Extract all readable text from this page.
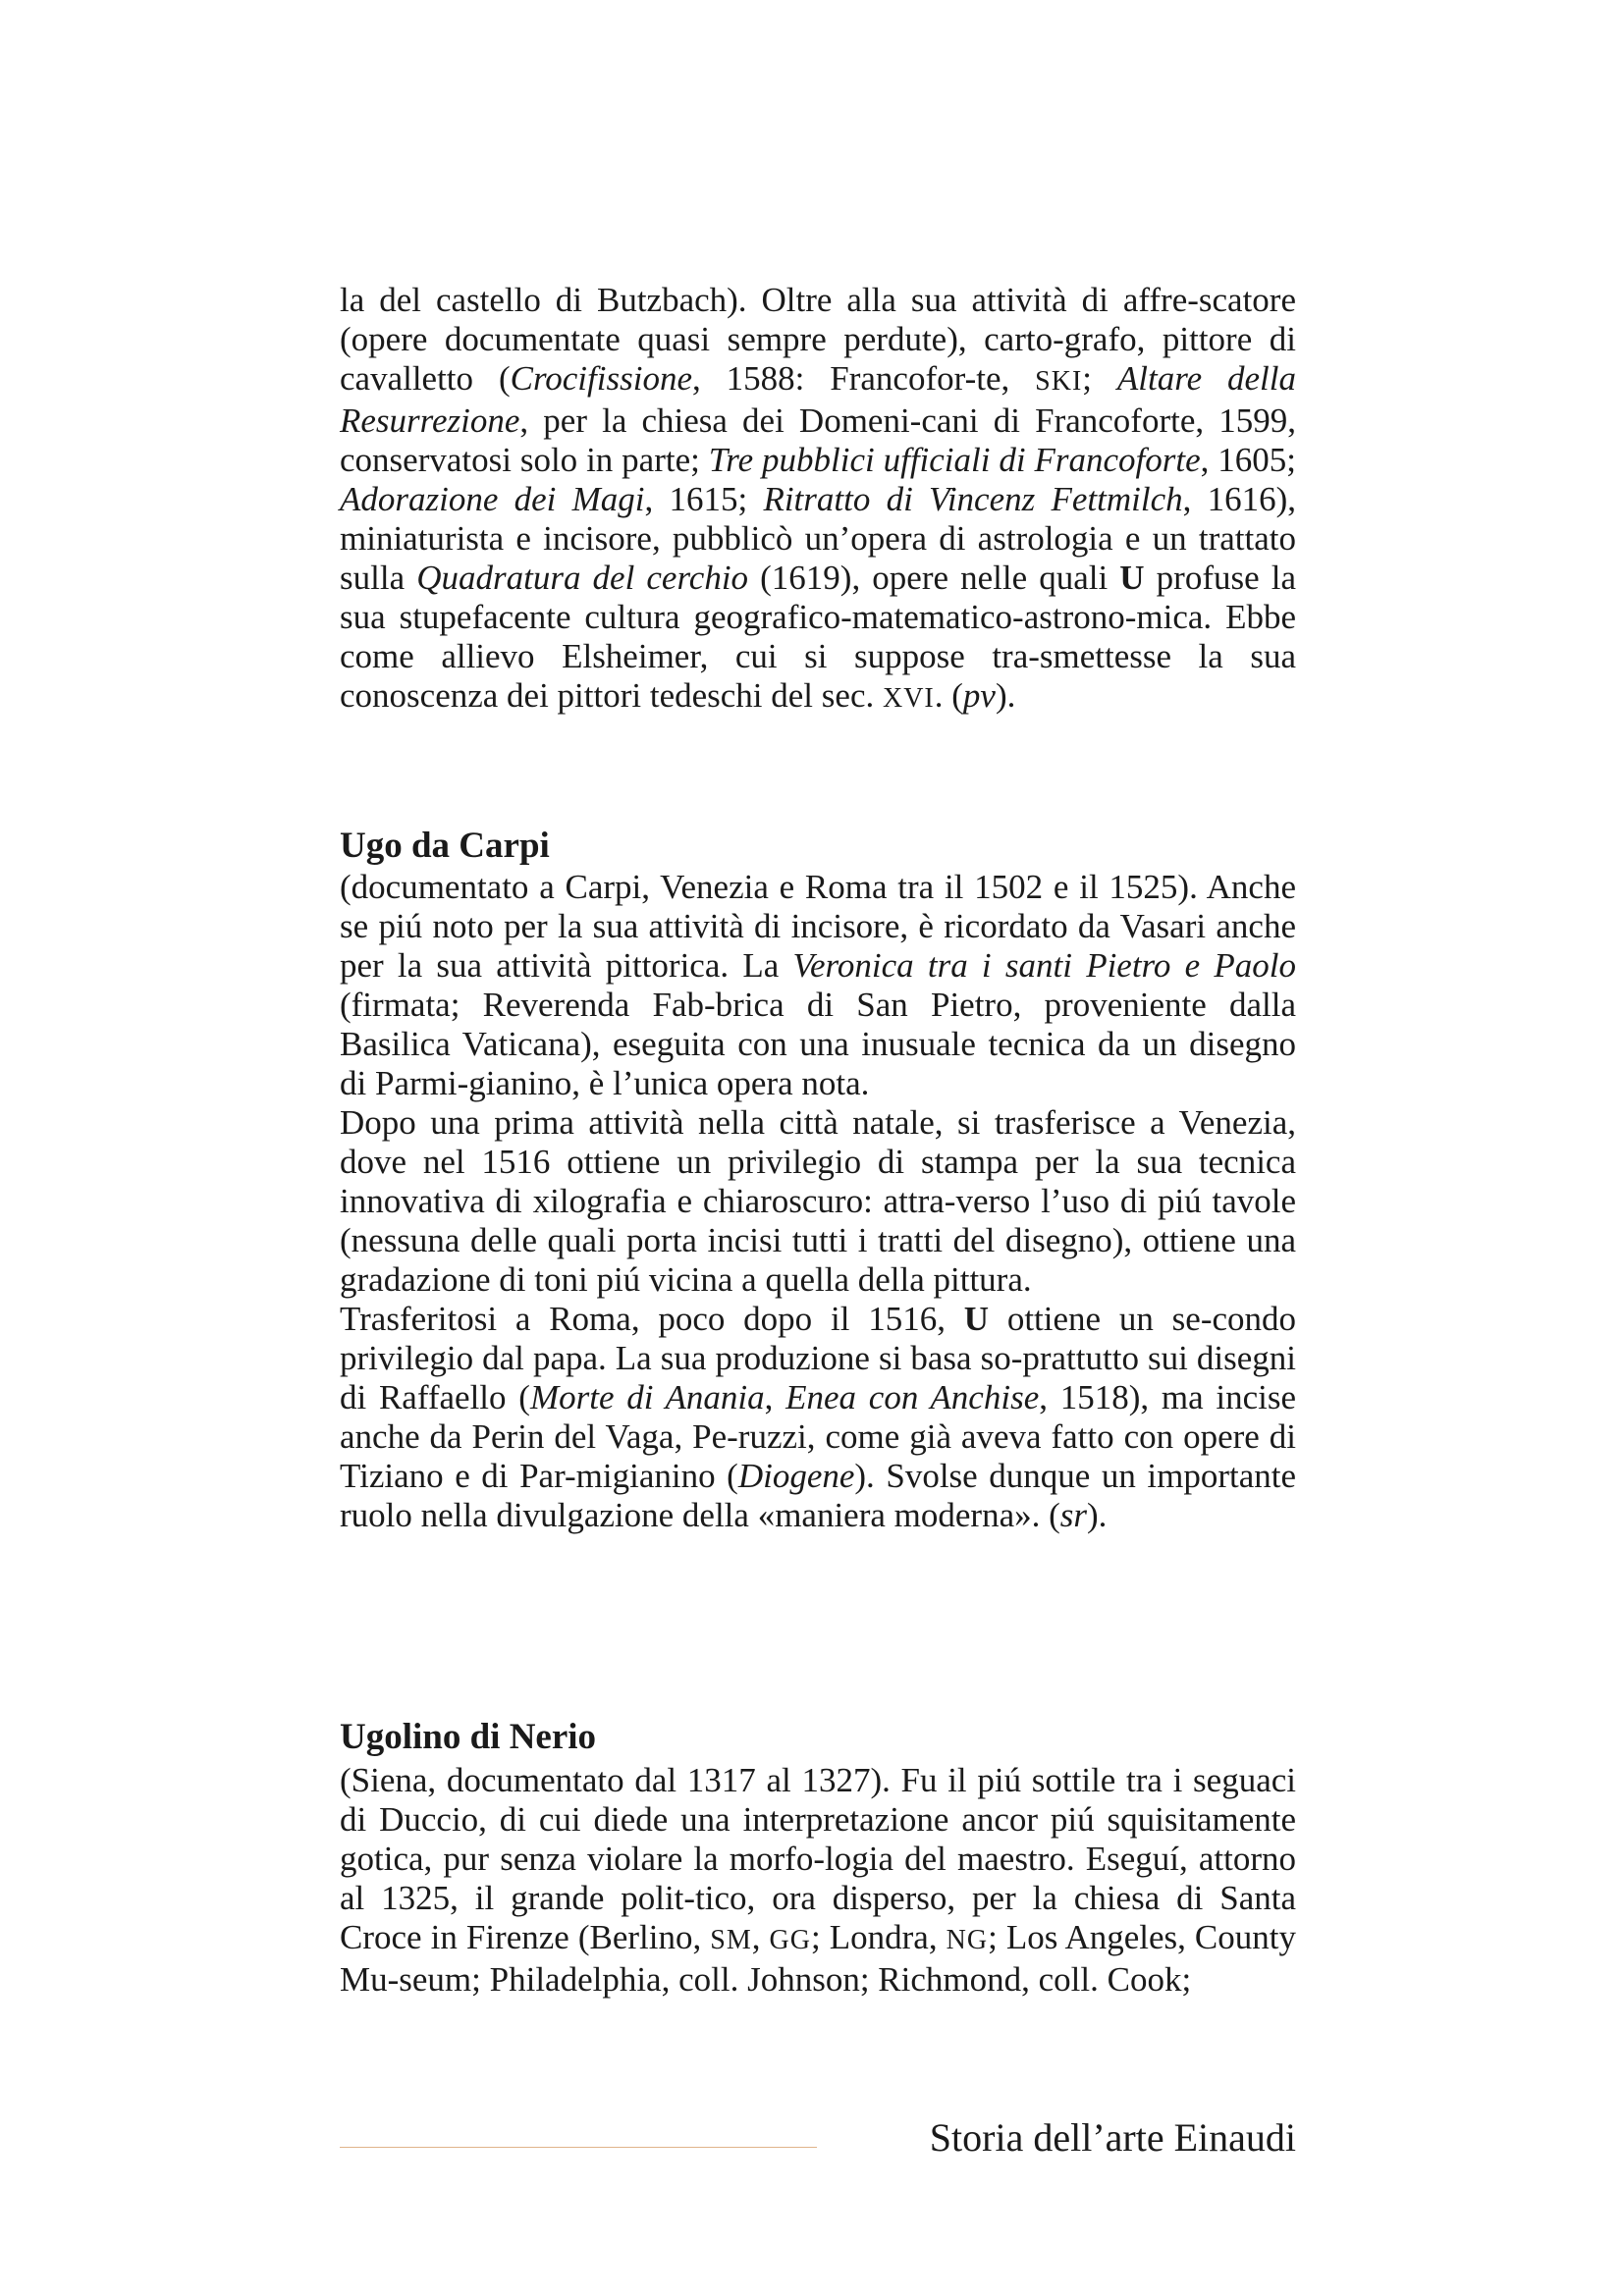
la del castello di Butzbach). Oltre alla sua attività di affre-scatore (opere documentate quasi sempre perdute), carto-grafo, pittore di cavalletto (Crocifissione, 1588: Francofor-te, SKI; Altare della Resurrezione, per la chiesa dei Domeni-cani di Francoforte, 1599, conservatosi solo in parte; Tre pubblici ufficiali di Francoforte, 1605; Adorazione dei Magi, 1615; Ritratto di Vincenz Fettmilch, 1616), miniaturista e incisore, pubblicò un’opera di astrologia e un trattato sulla Quadratura del cerchio (1619), opere nelle quali U profuse la sua stupefacente cultura geografico-matematico-astrono-mica. Ebbe come allievo Elsheimer, cui si suppose tra-smettesse la sua conoscenza dei pittori tedeschi del sec. XVI. (pv).

Ugo da Carpi

(documentato a Carpi, Venezia e Roma tra il 1502 e il 1525). Anche se piú noto per la sua attività di incisore, è ricordato da Vasari anche per la sua attività pittorica. La Veronica tra i santi Pietro e Paolo (firmata; Reverenda Fab-brica di San Pietro, proveniente dalla Basilica Vaticana), eseguita con una inusuale tecnica da un disegno di Parmi-gianino, è l’unica opera nota.

Dopo una prima attività nella città natale, si trasferisce a Venezia, dove nel 1516 ottiene un privilegio di stampa per la sua tecnica innovativa di xilografia e chiaroscuro: attra-verso l’uso di piú tavole (nessuna delle quali porta incisi tutti i tratti del disegno), ottiene una gradazione di toni piú vicina a quella della pittura.

Trasferitosi a Roma, poco dopo il 1516, U ottiene un se-condo privilegio dal papa. La sua produzione si basa so-prattutto sui disegni di Raffaello (Morte di Anania, Enea con Anchise, 1518), ma incise anche da Perin del Vaga, Pe-ruzzi, come già aveva fatto con opere di Tiziano e di Par-migianino (Diogene). Svolse dunque un importante ruolo nella divulgazione della «maniera moderna». (sr).

Ugolino di Nerio

(Siena, documentato dal 1317 al 1327). Fu il piú sottile tra i seguaci di Duccio, di cui diede una interpretazione ancor piú squisitamente gotica, pur senza violare la morfo-logia del maestro. Eseguí, attorno al 1325, il grande polit-tico, ora disperso, per la chiesa di Santa Croce in Firenze (Berlino, SM, GG; Londra, NG; Los Angeles, County Mu-seum; Philadelphia, coll. Johnson; Richmond, coll. Cook;

Storia dell’arte Einaudi
